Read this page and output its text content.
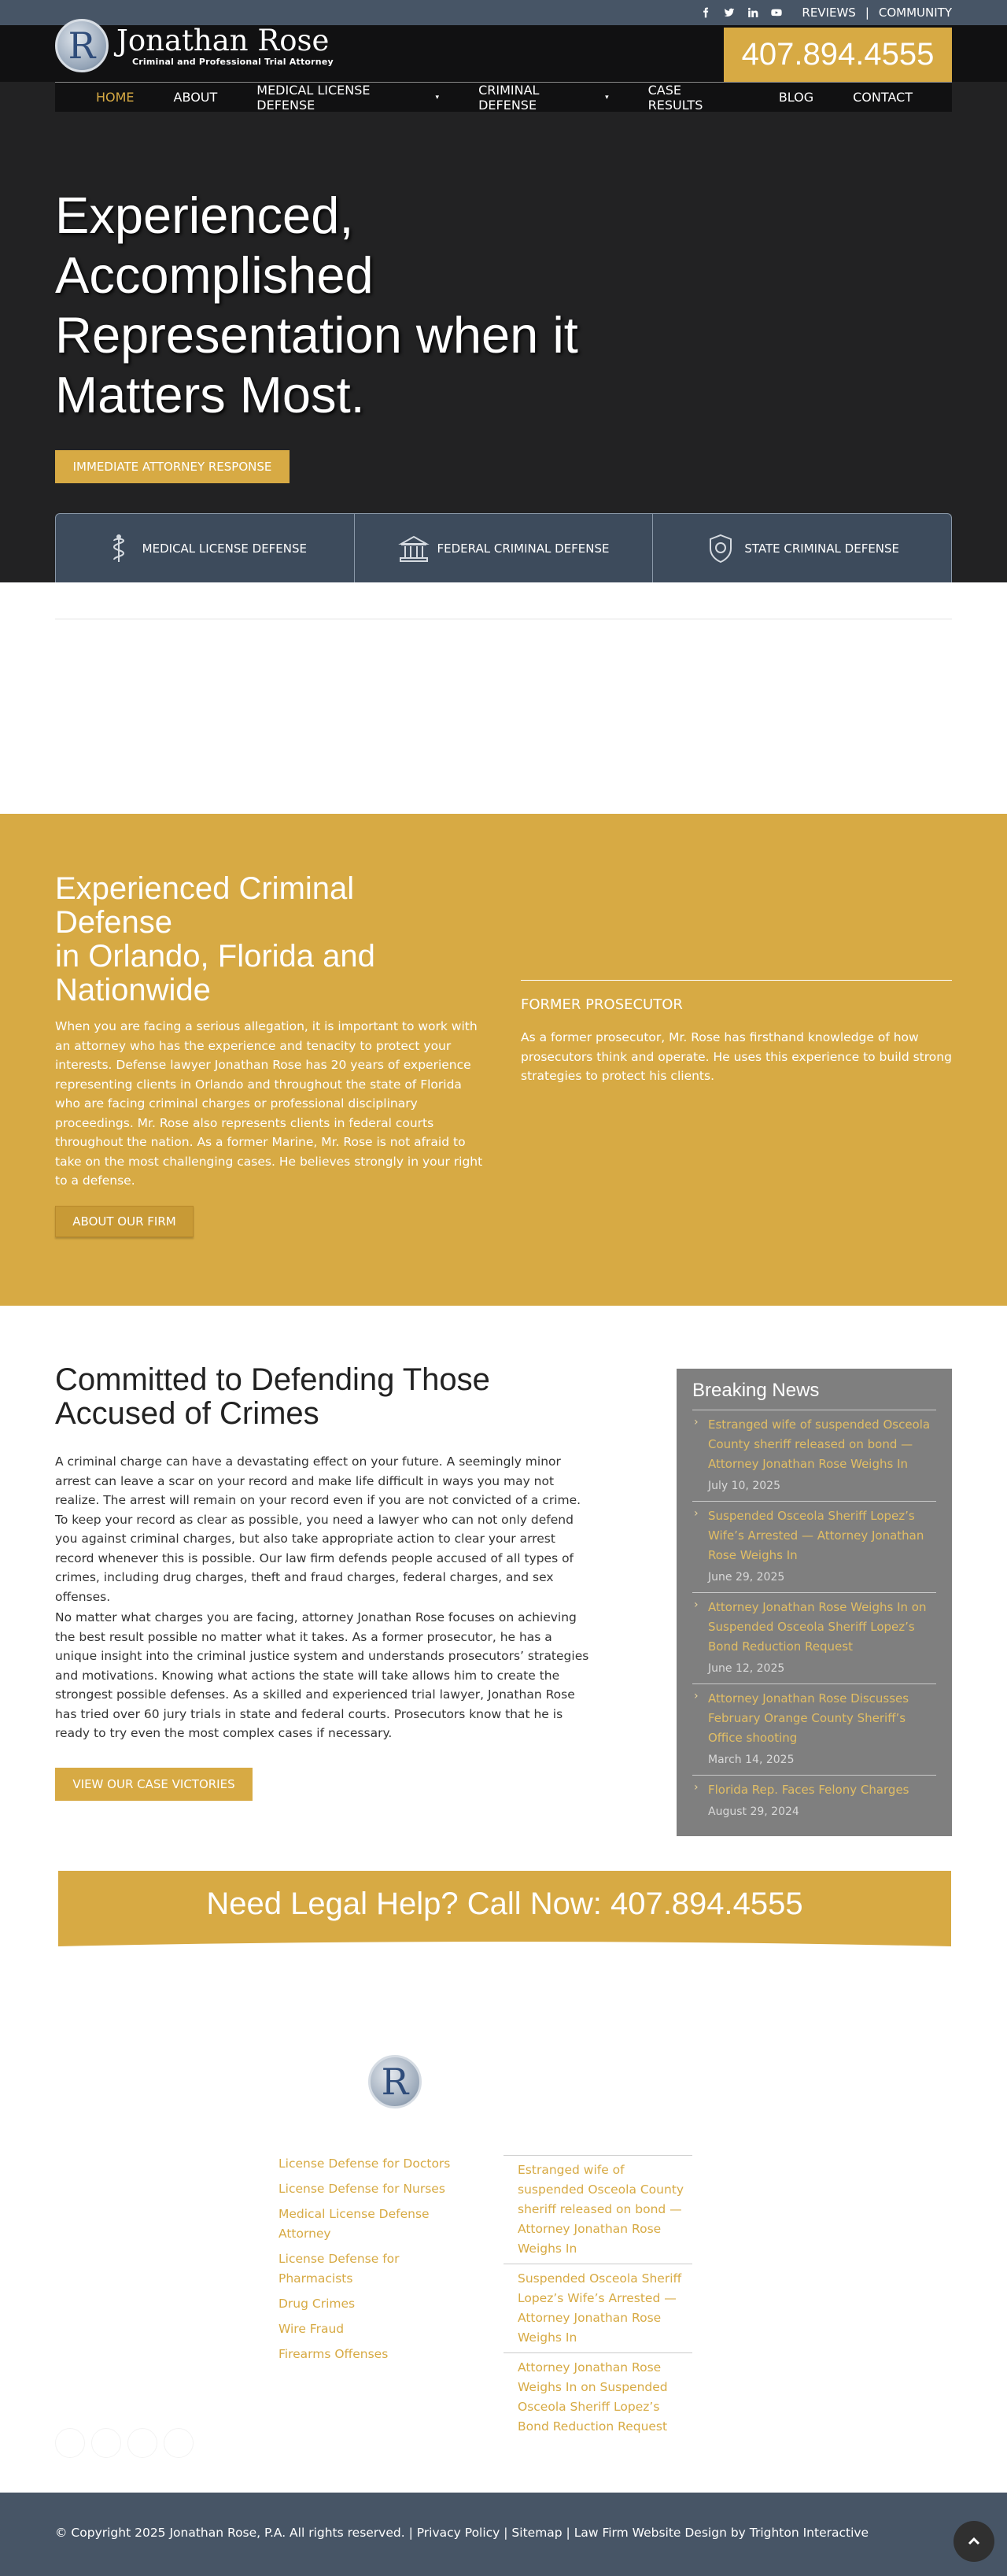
REVIEWS | COMMUNITY
R Jonathan Rose
Criminal and Professional Trial Attorney	407.894.4555
HOME	ABOUT	MEDICAL LICENSE DEFENSE	▾	CRIMINAL DEFENSE	▾	CASE RESULTS	BLOG	CONTACT
Experienced, Accomplished Representation when it Matters Most.
IMMEDIATE ATTORNEY RESPONSE
MEDICAL LICENSE DEFENSE	FEDERAL CRIMINAL DEFENSE	STATE CRIMINAL DEFENSE
Experienced Criminal Defense
in Orlando, Florida and Nationwide

When you are facing a serious allegation, it is important to work with an attorney who has the experience and tenacity to protect your interests. Defense lawyer Jonathan Rose has 20 years of experience representing clients in Orlando and throughout the state of Florida who are facing criminal charges or professional disciplinary proceedings. Mr. Rose also represents clients in federal courts throughout the nation. As a former Marine, Mr. Rose is not afraid to take on the most challenging cases. He believes strongly in your right to a defense.

ABOUT OUR FIRM
FORMER PROSECUTOR

As a former prosecutor, Mr. Rose has firsthand knowledge of how prosecutors think and operate. He uses this experience to build strong strategies to protect his clients.

Committed to Defending Those Accused of Crimes

A criminal charge can have a devastating effect on your future. A seemingly minor arrest can leave a scar on your record and make life difficult in ways you may not realize. The arrest will remain on your record even if you are not convicted of a crime. To keep your record as clear as possible, you need a lawyer who can not only defend you against criminal charges, but also take appropriate action to clear your arrest record whenever this is possible. Our law firm defends people accused of all types of crimes, including drug charges, theft and fraud charges, federal charges, and sex offenses.

No matter what charges you are facing, attorney Jonathan Rose focuses on achieving the best result possible no matter what it takes. As a former prosecutor, he has a unique insight into the criminal justice system and understands prosecutors’ strategies and motivations. Knowing what actions the state will take allows him to create the strongest possible defenses. As a skilled and experienced trial lawyer, Jonathan Rose has tried over 60 jury trials in state and federal courts. Prosecutors know that he is ready to try even the most complex cases if necessary.

VIEW OUR CASE VICTORIES
Breaking News
› Estranged wife of suspended Osceola County sheriff released on bond — Attorney Jonathan Rose Weighs In
July 10, 2025
› Suspended Osceola Sheriff Lopez’s Wife’s Arrested — Attorney Jonathan Rose Weighs In
June 29, 2025
› Attorney Jonathan Rose Weighs In on Suspended Osceola Sheriff Lopez’s Bond Reduction Request
June 12, 2025
› Attorney Jonathan Rose Discusses February Orange County Sheriff’s Office shooting
March 14, 2025
› Florida Rep. Faces Felony Charges
August 29, 2024
Need Legal Help? Call Now: 407.894.4555
R
License Defense for Doctors
License Defense for Nurses
Medical License Defense Attorney
License Defense for Pharmacists
Drug Crimes
Wire Fraud
Firearms Offenses
Estranged wife of suspended Osceola County sheriff released on bond — Attorney Jonathan Rose Weighs In
Suspended Osceola Sheriff Lopez’s Wife’s Arrested — Attorney Jonathan Rose Weighs In
Attorney Jonathan Rose Weighs In on Suspended Osceola Sheriff Lopez’s Bond Reduction Request
© Copyright 2025 Jonathan Rose, P.A. All rights reserved. | Privacy Policy | Sitemap | Law Firm Website Design by Trighton Interactive
